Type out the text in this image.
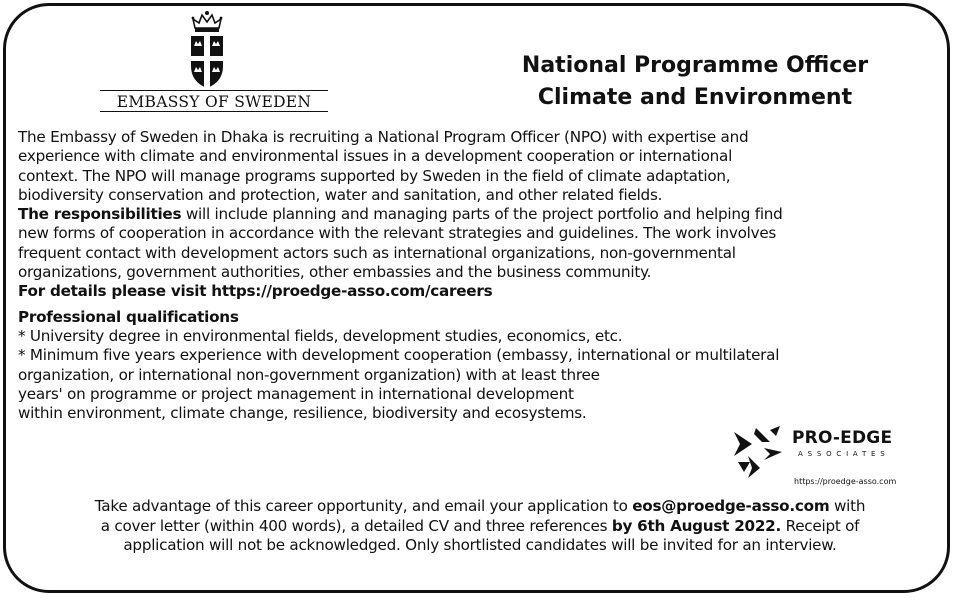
EMBASSY OF SWEDEN
National Programme Officer
Climate and Environment

The Embassy of Sweden in Dhaka is recruiting a National Program Officer (NPO) with expertise and

experience with climate and environmental issues in a development cooperation or international

context. The NPO will manage programs supported by Sweden in the field of climate adaptation,

biodiversity conservation and protection, water and sanitation, and other related fields.

The responsibilities will include planning and managing parts of the project portfolio and helping find

new forms of cooperation in accordance with the relevant strategies and guidelines. The work involves

frequent contact with development actors such as international organizations, non-governmental

organizations, government authorities, other embassies and the business community.

For details please visit https://proedge-asso.com/careers

Professional qualifications

* University degree in environmental fields, development studies, economics, etc.

* Minimum five years experience with development cooperation (embassy, international or multilateral

organization, or international non-government organization) with at least three

years' on programme or project management in international development

within environment, climate change, resilience, biodiversity and ecosystems.

PRO-EDGE
ASSOCIATES
https://proedge-asso.com

Take advantage of this career opportunity, and email your application to eos@proedge-asso.com with

a cover letter (within 400 words), a detailed CV and three references by 6th August 2022. Receipt of

application will not be acknowledged. Only shortlisted candidates will be invited for an interview.
